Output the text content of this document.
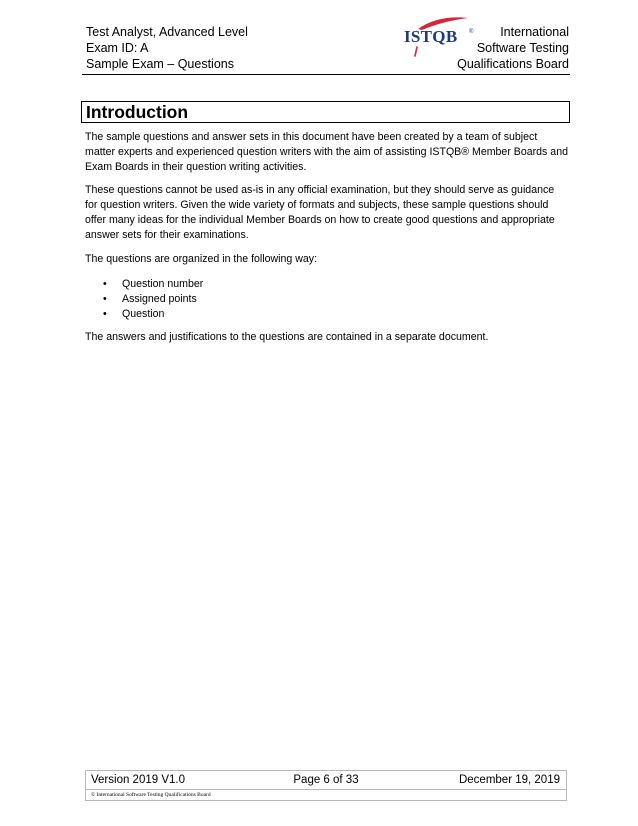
Test Analyst, Advanced Level
Exam ID: A
Sample Exam – Questions
ISTQB ®	International
Software Testing
Qualifications Board
Introduction

The sample questions and answer sets in this document have been created by a team of subject matter experts and experienced question writers with the aim of assisting ISTQB® Member Boards and Exam Boards in their question writing activities.

These questions cannot be used as-is in any official examination, but they should serve as guidance for question writers. Given the wide variety of formats and subjects, these sample questions should offer many ideas for the individual Member Boards on how to create good questions and appropriate answer sets for their examinations.

The questions are organized in the following way:

• Question number
• Assigned points
• Question

The answers and justifications to the questions are contained in a separate document.

Version 2019 V1.0	Page 6 of 33	December 19, 2019
© International Software Testing Qualifications Board
